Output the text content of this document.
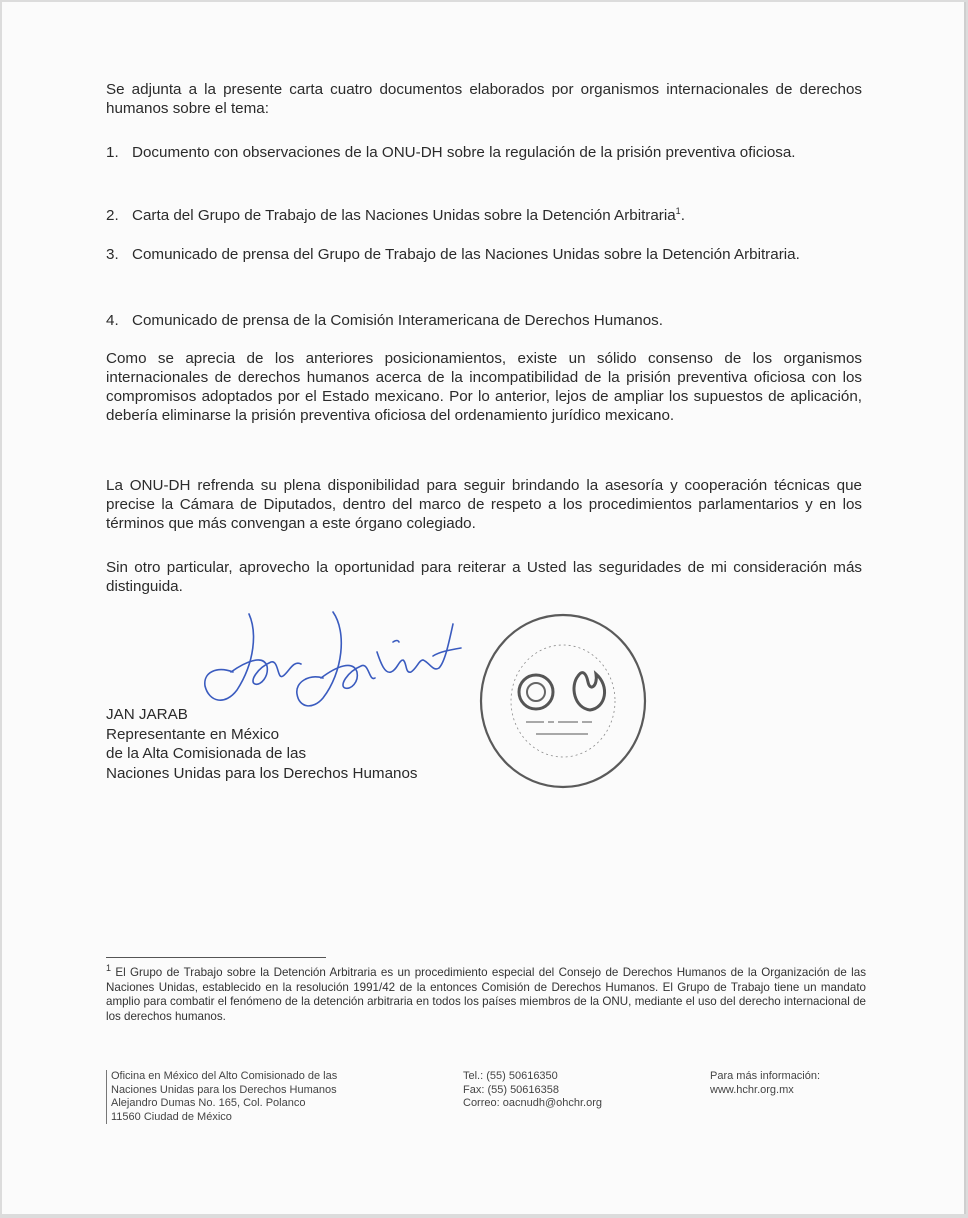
Se adjunta a la presente carta cuatro documentos elaborados por organismos internacionales de derechos humanos sobre el tema:
1. Documento con observaciones de la ONU-DH sobre la regulación de la prisión preventiva oficiosa.
2. Carta del Grupo de Trabajo de las Naciones Unidas sobre la Detención Arbitraria$^1$.
3. Comunicado de prensa del Grupo de Trabajo de las Naciones Unidas sobre la Detención Arbitraria.
4. Comunicado de prensa de la Comisión Interamericana de Derechos Humanos.
Como se aprecia de los anteriores posicionamientos, existe un sólido consenso de los organismos internacionales de derechos humanos acerca de la incompatibilidad de la prisión preventiva oficiosa con los compromisos adoptados por el Estado mexicano. Por lo anterior, lejos de ampliar los supuestos de aplicación, debería eliminarse la prisión preventiva oficiosa del ordenamiento jurídico mexicano.
La ONU-DH refrenda su plena disponibilidad para seguir brindando la asesoría y cooperación técnicas que precise la Cámara de Diputados, dentro del marco de respeto a los procedimientos parlamentarios y en los términos que más convengan a este órgano colegiado.
Sin otro particular, aprovecho la oportunidad para reiterar a Usted las seguridades de mi consideración más distinguida.
JAN JARAB
Representante en México
de la Alta Comisionada de las
Naciones Unidas para los Derechos Humanos
$^1$ El Grupo de Trabajo sobre la Detención Arbitraria es un procedimiento especial del Consejo de Derechos Humanos de la Organización de las Naciones Unidas, establecido en la resolución 1991/42 de la entonces Comisión de Derechos Humanos. El Grupo de Trabajo tiene un mandato amplio para combatir el fenómeno de la detención arbitraria en todos los países miembros de la ONU, mediante el uso del derecho internacional de los derechos humanos.
Oficina en México del Alto Comisionado de las
Naciones Unidas para los Derechos Humanos
Alejandro Dumas No. 165, Col. Polanco
11560 Ciudad de México
Tel.: (55) 50616350
Fax: (55) 50616358
Correo: oacnudh@ohchr.org
Para más información:
www.hchr.org.mx
